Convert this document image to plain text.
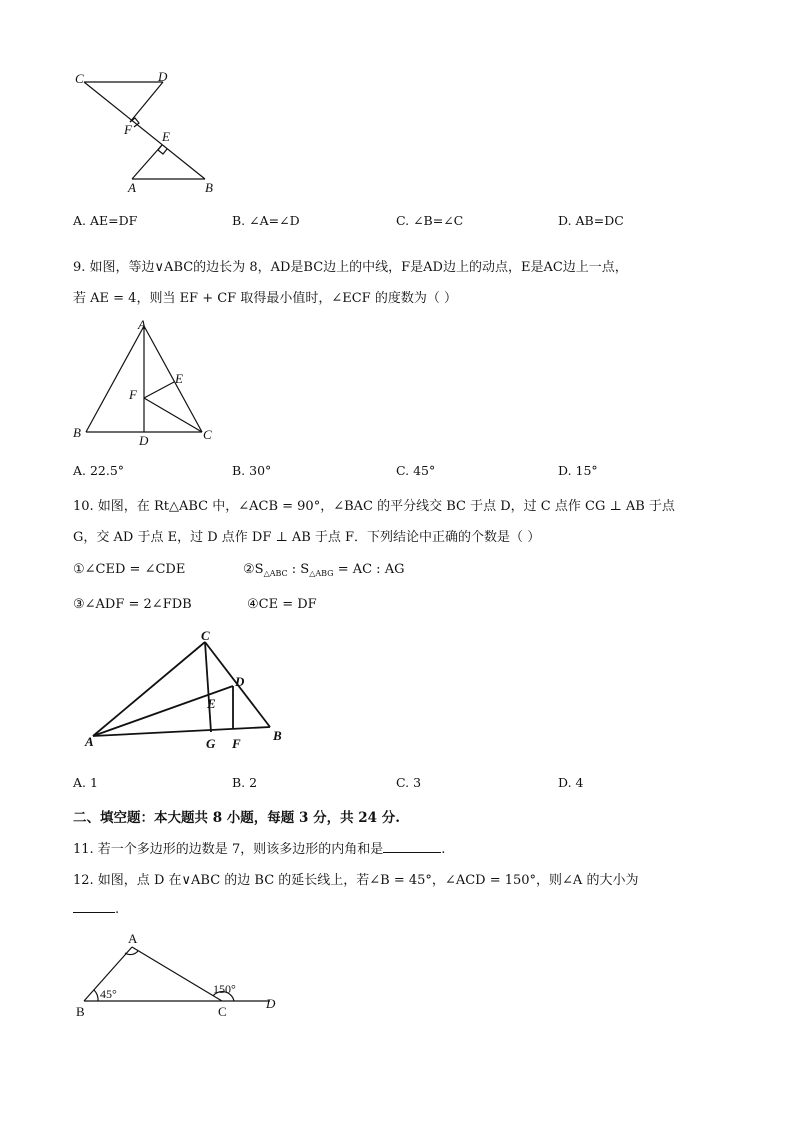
C	D
F E
A	B
A. AE=DF	B. ∠A=∠D	C. ∠B=∠C	D. AB=DC
9. 如图，等边∨ABC的边长为 8，AD是BC边上的中线，F是AD边上的动点，E是AC边上一点，
若 AE = 4，则当 EF + CF 取得最小值时，∠ECF 的度数为（ ）
A
E
F
B
D	C
A. 22.5°	B. 30°	C. 45°	D. 15°
10. 如图，在 Rt△ABC 中，∠ACB = 90°，∠BAC 的平分线交 BC 于点 D，过 C 点作 CG ⊥ AB 于点
G，交 AD 于点 E，过 D 点作 DF ⊥ AB 于点 F．下列结论中正确的个数是（ ）
①∠CED = ∠CDE	$②S_{\triangle ABC}$ : $S_{\triangle ABG}$ = AC : AG
③∠ADF = 2∠FDB	④CE = DF
C
D
E
A	G F
B
A. 1	B. 2	C. 3	D. 4
二、填空题：本大题共 8 小题，每题 3 分，共 24 分.
11. 若一个多边形的边数是 7，则该多边形的内角和是	.
12. 如图，点 D 在∨ABC 的边 BC 的延长线上，若∠B = 45°，∠ACD = 150°，则∠A 的大小为
.
A
45°	150°
B	C
D
